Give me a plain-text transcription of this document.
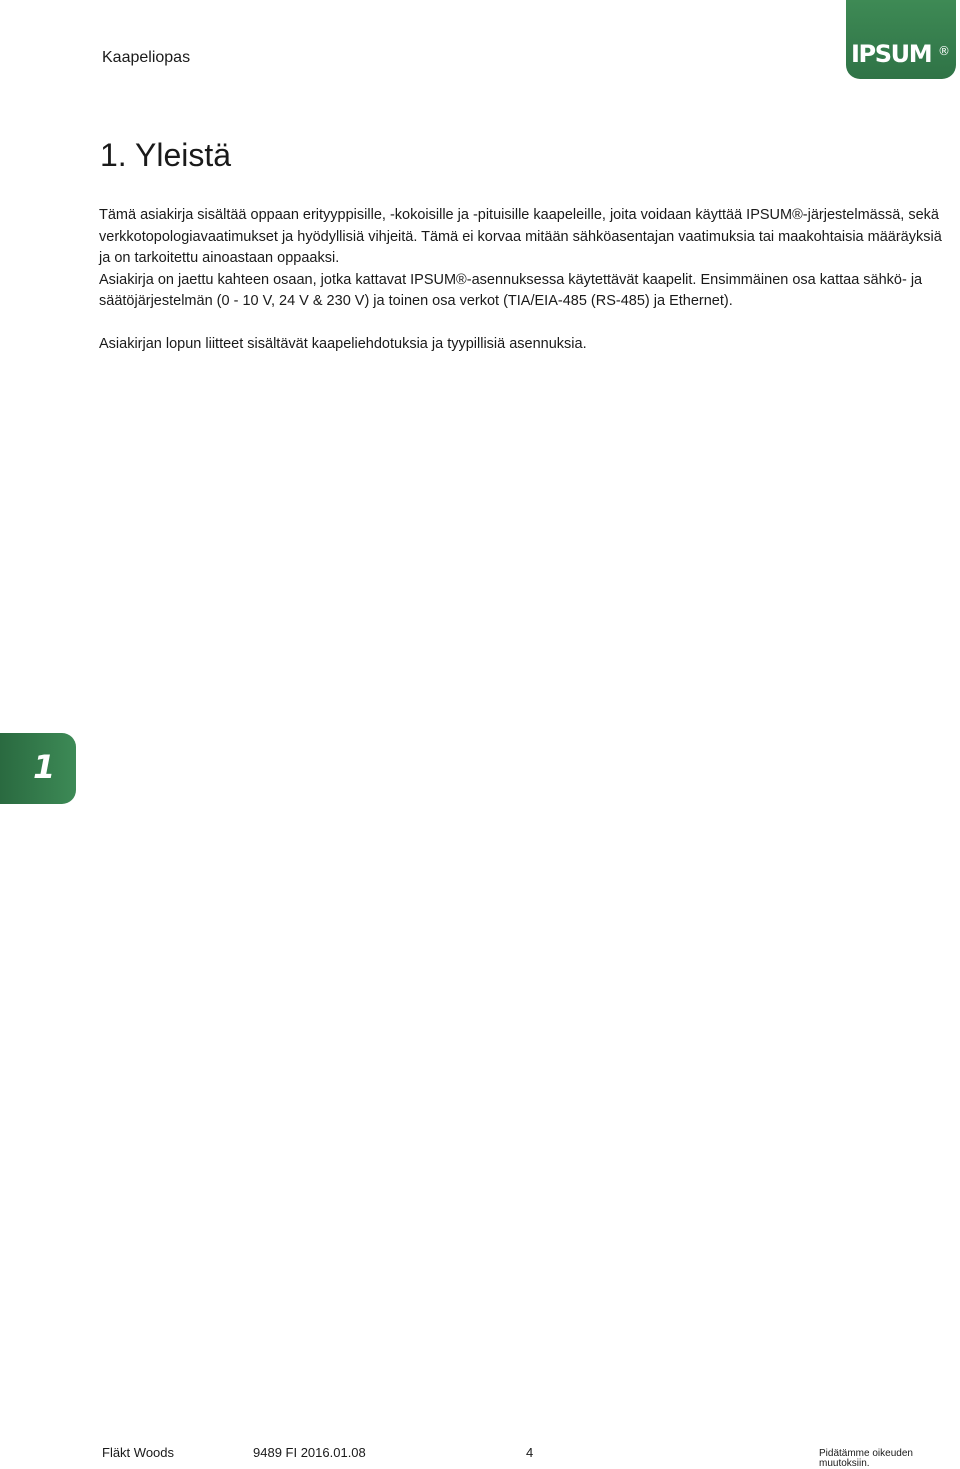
Kaapeliopas	IPSUM ®
1. Yleistä

Tämä asiakirja sisältää oppaan erityyppisille, -kokoisille ja -pituisille kaapeleille, joita voidaan käyttää IPSUM®-järjestelmässä, sekä verkkotopologiavaatimukset ja hyödyllisiä vihjeitä. Tämä ei korvaa mitään sähköasentajan vaatimuksia tai maakohtaisia määräyksiä ja on tarkoitettu ainoastaan oppaaksi.

Asiakirja on jaettu kahteen osaan, jotka kattavat IPSUM®-asennuksessa käytettävät kaapelit. Ensimmäinen osa kattaa sähkö- ja säätöjärjestelmän (0 - 10 V, 24 V & 230 V) ja toinen osa verkot (TIA/EIA-485 (RS-485) ja Ethernet).

Asiakirjan lopun liitteet sisältävät kaapeliehdotuksia ja tyypillisiä asennuksia.

1
Fläkt Woods	9489 FI 2016.01.08	4	Pidätämme oikeuden muutoksiin.
